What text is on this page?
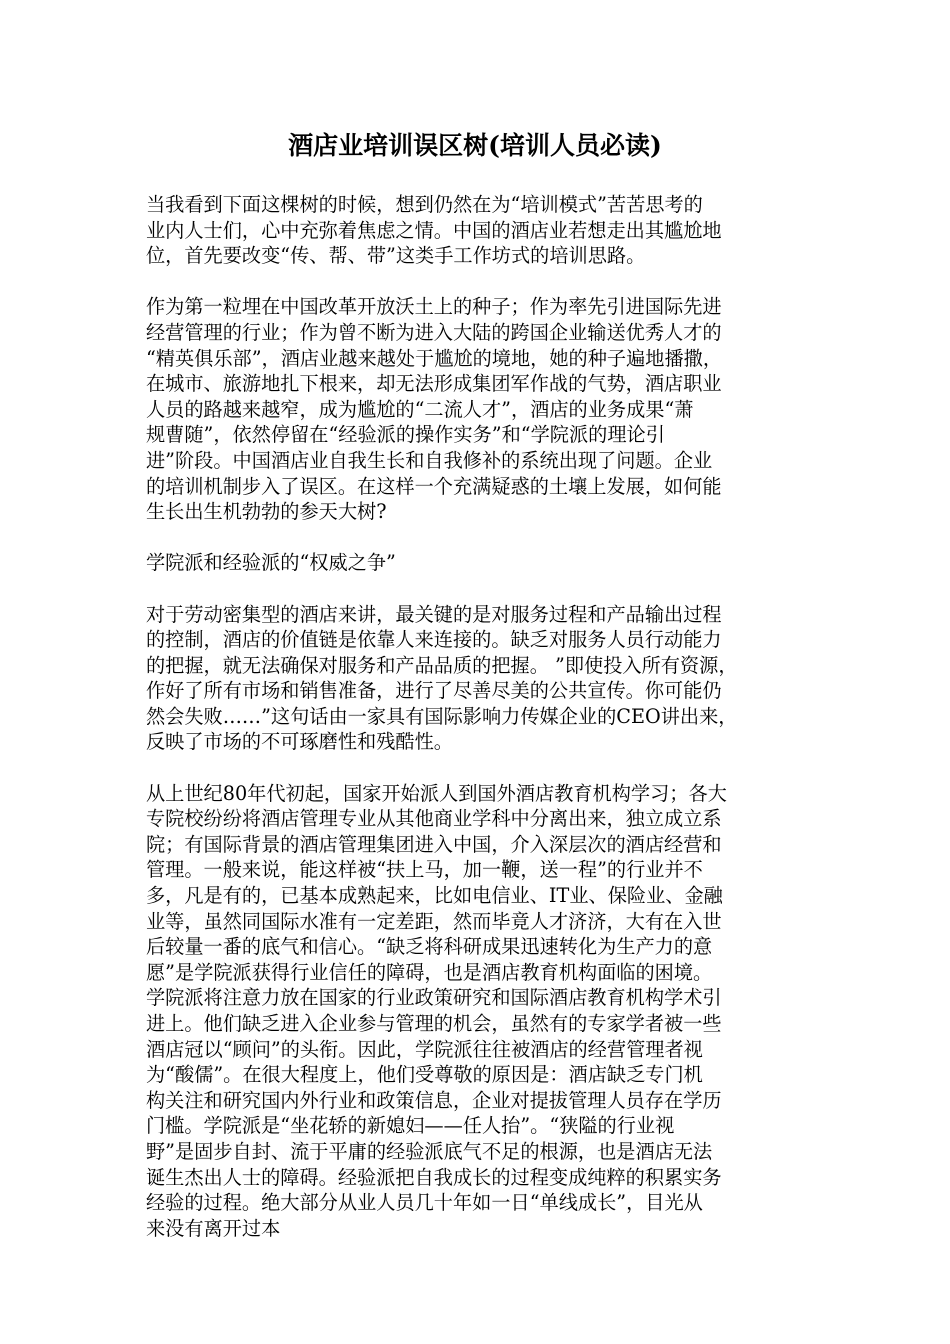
酒店业培训误区树(培训人员必读)

当我看到下面这棵树的时候，想到仍然在为“培训模式”苦苦思考的
业内人士们，心中充弥着焦虑之情。中国的酒店业若想走出其尴尬地
位，首先要改变“传、帮、带”这类手工作坊式的培训思路。

作为第一粒埋在中国改革开放沃土上的种子；作为率先引进国际先进
经营管理的行业；作为曾不断为进入大陆的跨国企业输送优秀人才的
“精英俱乐部”，酒店业越来越处于尴尬的境地，她的种子遍地播撒，
在城市、旅游地扎下根来，却无法形成集团军作战的气势，酒店职业
人员的路越来越窄，成为尴尬的“二流人才”，酒店的业务成果“萧
规曹随”，依然停留在“经验派的操作实务”和“学院派的理论引
进”阶段。中国酒店业自我生长和自我修补的系统出现了问题。企业
的培训机制步入了误区。在这样一个充满疑惑的土壤上发展，如何能
生长出生机勃勃的参天大树?

学院派和经验派的“权威之争”

对于劳动密集型的酒店来讲，最关键的是对服务过程和产品输出过程
的控制，酒店的价值链是依靠人来连接的。缺乏对服务人员行动能力
的把握，就无法确保对服务和产品品质的把握。 ”即使投入所有资源，
作好了所有市场和销售准备，进行了尽善尽美的公共宣传。你可能仍
然会失败……”这句话由一家具有国际影响力传媒企业的CEO讲出来，
反映了市场的不可琢磨性和残酷性。

从上世纪80年代初起，国家开始派人到国外酒店教育机构学习；各大
专院校纷纷将酒店管理专业从其他商业学科中分离出来，独立成立系
院；有国际背景的酒店管理集团进入中国，介入深层次的酒店经营和
管理。一般来说，能这样被“扶上马，加一鞭，送一程”的行业并不
多，凡是有的，已基本成熟起来，比如电信业、IT业、保险业、金融
业等，虽然同国际水准有一定差距，然而毕竟人才济济，大有在入世
后较量一番的底气和信心。“缺乏将科研成果迅速转化为生产力的意
愿”是学院派获得行业信任的障碍，也是酒店教育机构面临的困境。
学院派将注意力放在国家的行业政策研究和国际酒店教育机构学术引
进上。他们缺乏进入企业参与管理的机会，虽然有的专家学者被一些
酒店冠以“顾问”的头衔。因此，学院派往往被酒店的经营管理者视
为“酸儒”。在很大程度上，他们受尊敬的原因是：酒店缺乏专门机
构关注和研究国内外行业和政策信息，企业对提拔管理人员存在学历
门槛。学院派是“坐花轿的新媳妇——任人抬”。“狭隘的行业视
野”是固步自封、流于平庸的经验派底气不足的根源，也是酒店无法
诞生杰出人士的障碍。经验派把自我成长的过程变成纯粹的积累实务
经验的过程。绝大部分从业人员几十年如一日“单线成长”，目光从
来没有离开过本
